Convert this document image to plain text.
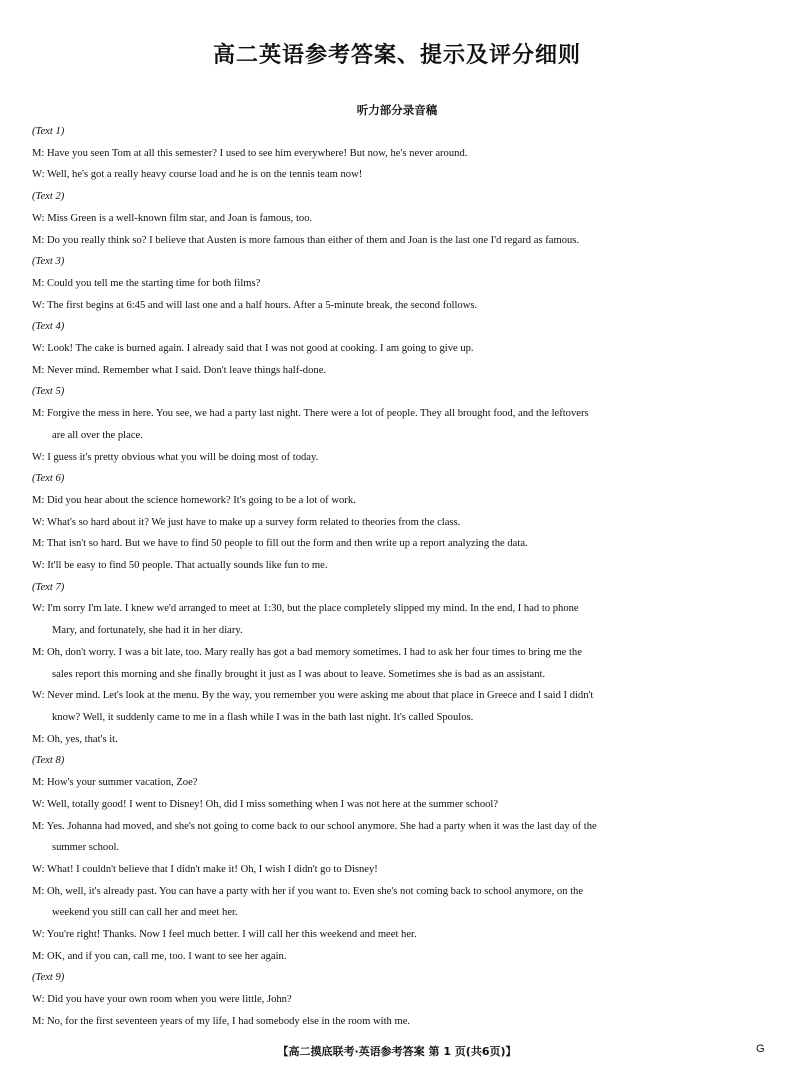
高二英语参考答案、提示及评分细则
听力部分录音稿
(Text 1)
M: Have you seen Tom at all this semester? I used to see him everywhere! But now, he's never around.
W: Well, he's got a really heavy course load and he is on the tennis team now!
(Text 2)
W: Miss Green is a well-known film star, and Joan is famous, too.
M: Do you really think so? I believe that Austen is more famous than either of them and Joan is the last one I'd regard as famous.
(Text 3)
M: Could you tell me the starting time for both films?
W: The first begins at 6:45 and will last one and a half hours. After a 5-minute break, the second follows.
(Text 4)
W: Look! The cake is burned again. I already said that I was not good at cooking. I am going to give up.
M: Never mind. Remember what I said. Don't leave things half-done.
(Text 5)
M: Forgive the mess in here. You see, we had a party last night. There were a lot of people. They all brought food, and the leftovers
are all over the place.
W: I guess it's pretty obvious what you will be doing most of today.
(Text 6)
M: Did you hear about the science homework? It's going to be a lot of work.
W: What's so hard about it? We just have to make up a survey form related to theories from the class.
M: That isn't so hard. But we have to find 50 people to fill out the form and then write up a report analyzing the data.
W: It'll be easy to find 50 people. That actually sounds like fun to me.
(Text 7)
W: I'm sorry I'm late. I knew we'd arranged to meet at 1:30, but the place completely slipped my mind. In the end, I had to phone
Mary, and fortunately, she had it in her diary.
M: Oh, don't worry. I was a bit late, too. Mary really has got a bad memory sometimes. I had to ask her four times to bring me the
sales report this morning and she finally brought it just as I was about to leave. Sometimes she is bad as an assistant.
W: Never mind. Let's look at the menu. By the way, you remember you were asking me about that place in Greece and I said I didn't
know? Well, it suddenly came to me in a flash while I was in the bath last night. It's called Spoulos.
M: Oh, yes, that's it.
(Text 8)
M: How's your summer vacation, Zoe?
W: Well, totally good! I went to Disney! Oh, did I miss something when I was not here at the summer school?
M: Yes. Johanna had moved, and she's not going to come back to our school anymore. She had a party when it was the last day of the
summer school.
W: What! I couldn't believe that I didn't make it! Oh, I wish I didn't go to Disney!
M: Oh, well, it's already past. You can have a party with her if you want to. Even she's not coming back to school anymore, on the
weekend you still can call her and meet her.
W: You're right! Thanks. Now I feel much better. I will call her this weekend and meet her.
M: OK, and if you can, call me, too. I want to see her again.
(Text 9)
W: Did you have your own room when you were little, John?
M: No, for the first seventeen years of my life, I had somebody else in the room with me.
【高二摸底联考·英语参考答案 第 1 页(共6页)】	G
